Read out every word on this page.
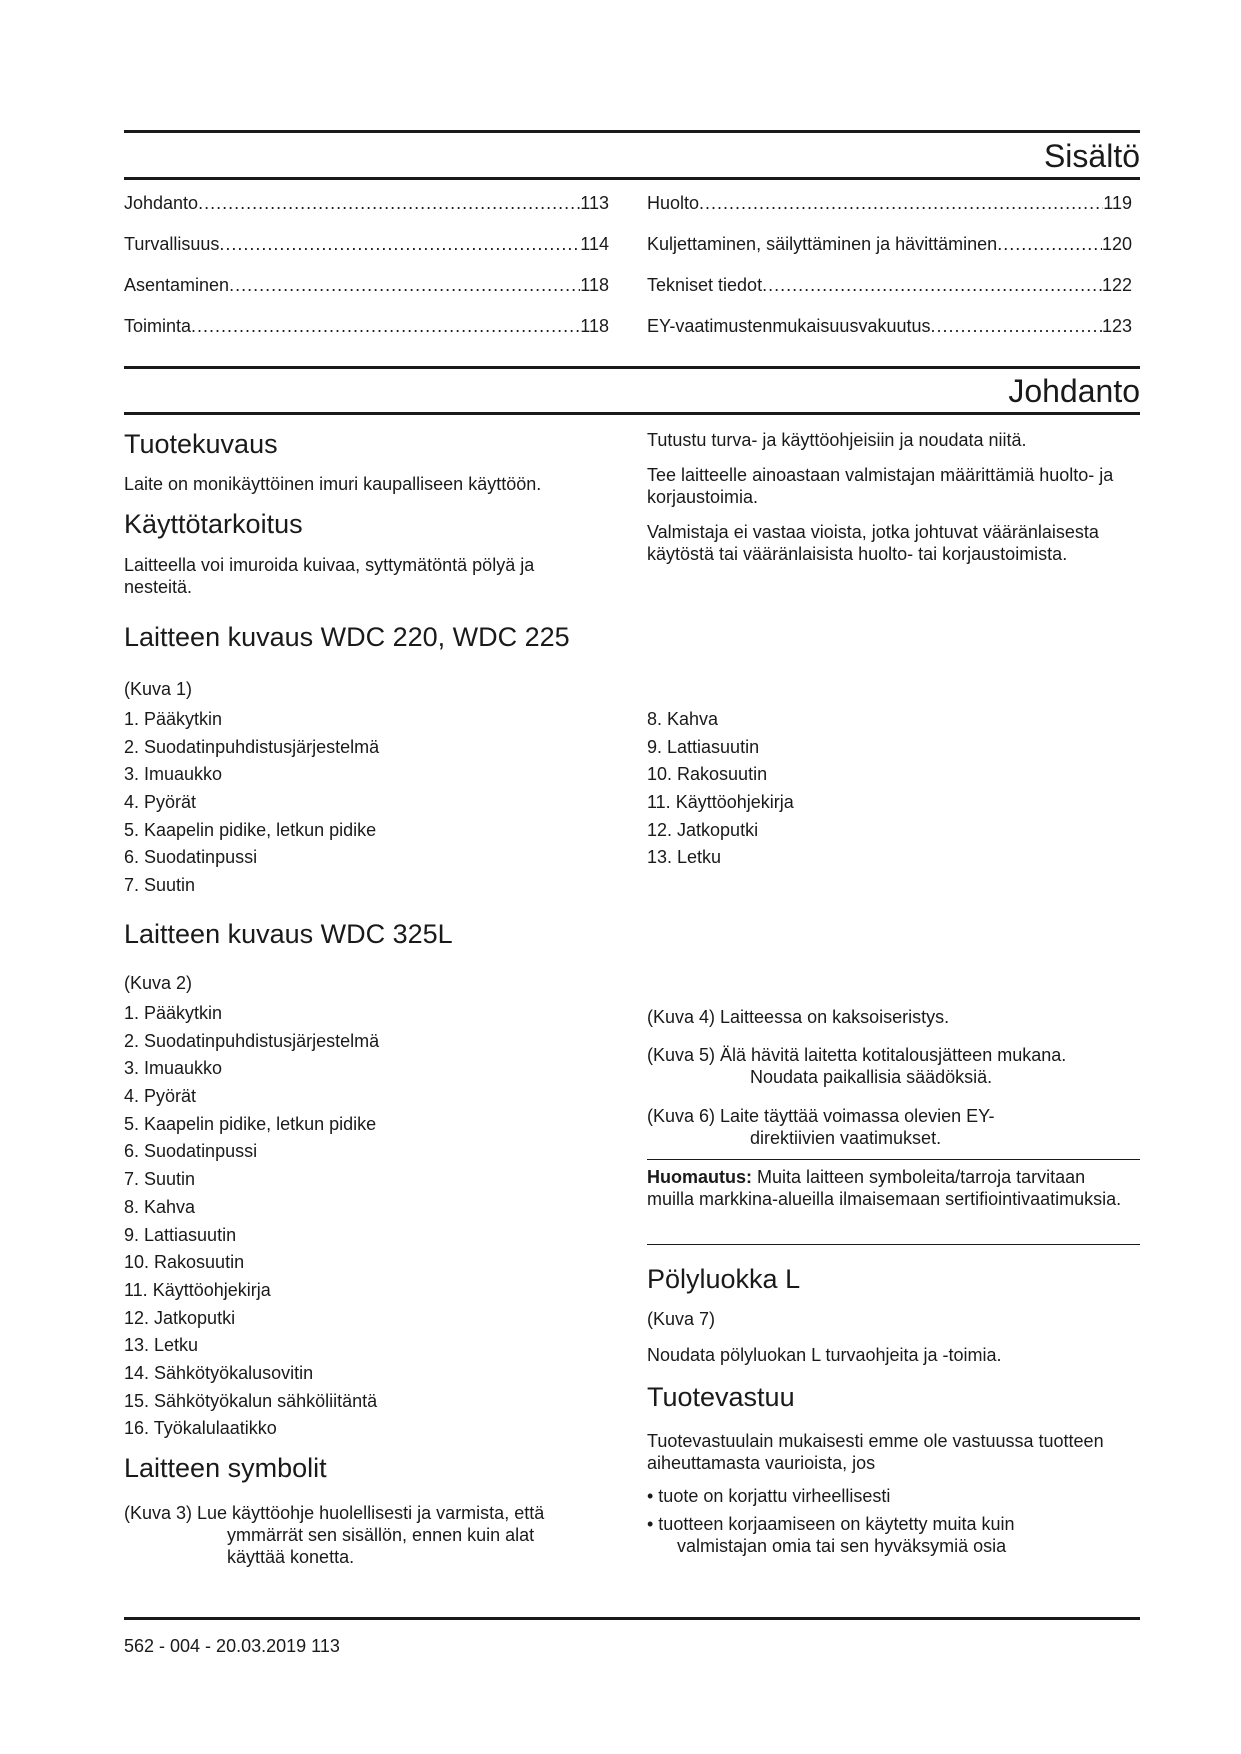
Sisältö
Johdanto .....	113
Turvallisuus .....	114
Asentaminen .....	118
Toiminta .....	118
Huolto .....	119
Kuljettaminen, säilyttäminen ja hävittäminen .....	120
Tekniset tiedot .....	122
EY-vaatimustenmukaisuusvakuutus .....	123
Johdanto
Tuotekuvaus
Laite on monikäyttöinen imuri kaupalliseen käyttöön.
Käyttötarkoitus
Laitteella voi imuroida kuivaa, syttymätöntä pölyä ja nesteitä.
Tutustu turva- ja käyttöohjeisiin ja noudata niitä.
Tee laitteelle ainoastaan valmistajan määrittämiä huolto- ja korjaustoimia.
Valmistaja ei vastaa vioista, jotka johtuvat vääränlaisesta käytöstä tai vääränlaisista huolto- tai korjaustoimista.
Laitteen kuvaus WDC 220, WDC 225
(Kuva 1)
1. Pääkytkin
2. Suodatinpuhdistusjärjestelmä
3. Imuaukko
4. Pyörät
5. Kaapelin pidike, letkun pidike
6. Suodatinpussi
7. Suutin
8. Kahva
9. Lattiasuutin
10. Rakosuutin
11. Käyttöohjekirja
12. Jatkoputki
13. Letku
Laitteen kuvaus WDC 325L
(Kuva 2)
1. Pääkytkin
2. Suodatinpuhdistusjärjestelmä
3. Imuaukko
4. Pyörät
5. Kaapelin pidike, letkun pidike
6. Suodatinpussi
7. Suutin
8. Kahva
9. Lattiasuutin
10. Rakosuutin
11. Käyttöohjekirja
12. Jatkoputki
13. Letku
14. Sähkötyökalusovitin
15. Sähkötyökalun sähköliitäntä
16. Työkalulaatikko
Laitteen symbolit
(Kuva 3) Lue käyttöohje huolellisesti ja varmista, että
ymmärrät sen sisällön, ennen kuin alat käyttää konetta.
(Kuva 4) Laitteessa on kaksoiseristys.
(Kuva 5) Älä hävitä laitetta kotitalousjätteen mukana.
Noudata paikallisia säädöksiä.
(Kuva 6) Laite täyttää voimassa olevien EY-
direktiivien vaatimukset.
Huomautus: Muita laitteen symboleita/tarroja tarvitaan muilla markkina-alueilla ilmaisemaan sertifiointivaatimuksia.
Pölyluokka L
(Kuva 7)
Noudata pölyluokan L turvaohjeita ja -toimia.
Tuotevastuu
Tuotevastuulain mukaisesti emme ole vastuussa tuotteen aiheuttamasta vaurioista, jos
• tuote on korjattu virheellisesti
• tuotteen korjaamiseen on käytetty muita kuin
valmistajan omia tai sen hyväksymiä osia
562 - 004 - 20.03.2019 113
